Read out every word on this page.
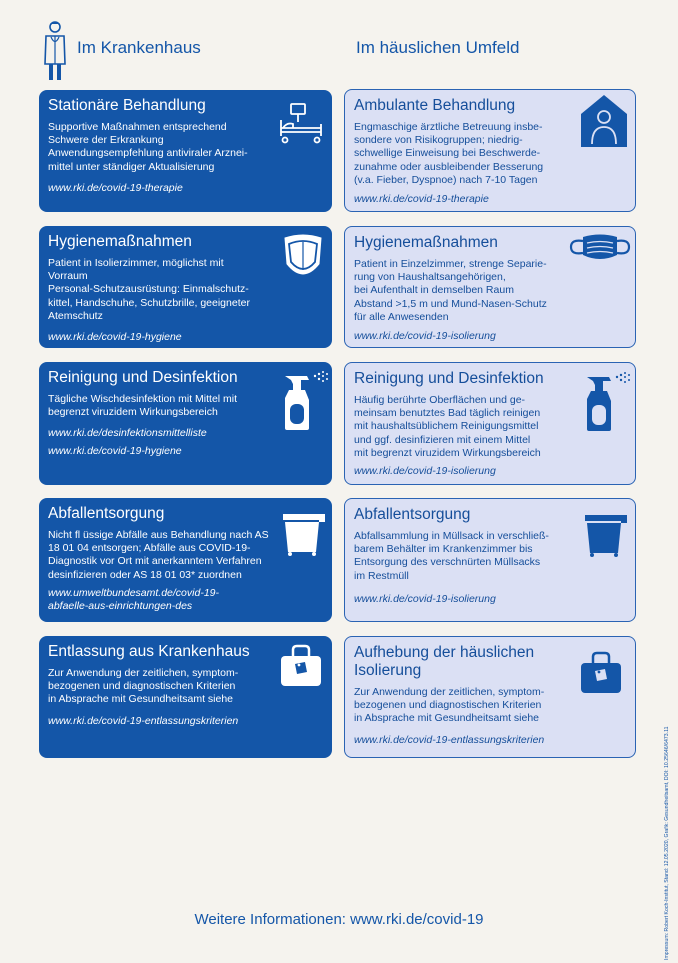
Im Krankenhaus	Im häuslichen Umfeld
Stationäre Behandlung
Supportive Maßnahmen entsprechend
Schwere der Erkrankung
Anwendungsempfehlung antiviraler Arznei-
mittel unter ständiger Aktualisierung
www.rki.de/covid-19-therapie
Hygienemaßnahmen
Patient in Isolierzimmer, möglichst mit
Vorraum
Personal-Schutzausrüstung: Einmalschutz-
kittel, Handschuhe, Schutzbrille, geeigneter
Atemschutz
www.rki.de/covid-19-hygiene
Reinigung und Desinfektion
Tägliche Wischdesinfektion mit Mittel mit
begrenzt viruzidem Wirkungsbereich
www.rki.de/desinfektionsmittelliste
www.rki.de/covid-19-hygiene
Abfallentsorgung
Nicht fl üssige Abfälle aus Behandlung nach AS
18 01 04 entsorgen; Abfälle aus COVID-19-
Diagnostik vor Ort mit anerkanntem Verfahren
desinfizieren oder AS 18 01 03* zuordnen
www.umweltbundesamt.de/covid-19-
abfaelle-aus-einrichtungen-des
Entlassung aus Krankenhaus
Zur Anwendung der zeitlichen, symptom-
bezogenen und diagnostischen Kriterien
in Absprache mit Gesundheitsamt siehe
www.rki.de/covid-19-entlassungskriterien
Ambulante Behandlung
Engmaschige ärztliche Betreuung insbe-
sondere von Risikogruppen; niedrig-
schwellige Einweisung bei Beschwerde-
zunahme oder ausbleibender Besserung
(v.a. Fieber, Dyspnoe) nach 7-10 Tagen
www.rki.de/covid-19-therapie
Hygienemaßnahmen
Patient in Einzelzimmer, strenge Separie-
rung von Haushaltsangehörigen,
bei Aufenthalt in demselben Raum
Abstand >1,5 m und Mund-Nasen-Schutz
für alle Anwesenden
www.rki.de/covid-19-isolierung
Reinigung und Desinfektion
Häufig berührte Oberflächen und ge-
meinsam benutztes Bad täglich reinigen
mit haushaltsüblichem Reinigungsmittel
und ggf. desinfizieren mit einem Mittel
mit begrenzt viruzidem Wirkungsbereich
www.rki.de/covid-19-isolierung
Abfallentsorgung
Abfallsammlung in Müllsack in verschließ-
barem Behälter im Krankenzimmer bis
Entsorgung des verschnürten Müllsacks
im Restmüll
www.rki.de/covid-19-isolierung
Aufhebung der häuslichen
Isolierung
Zur Anwendung der zeitlichen, symptom-
bezogenen und diagnostischen Kriterien
in Absprache mit Gesundheitsamt siehe
www.rki.de/covid-19-entlassungskriterien
Weitere Informationen: www.rki.de/covid-19	Impressum: Robert Koch-Institut, Stand: 12.05.2020, Grafik: Gesundheitsamt, DOI: 10.25646/6473.11
